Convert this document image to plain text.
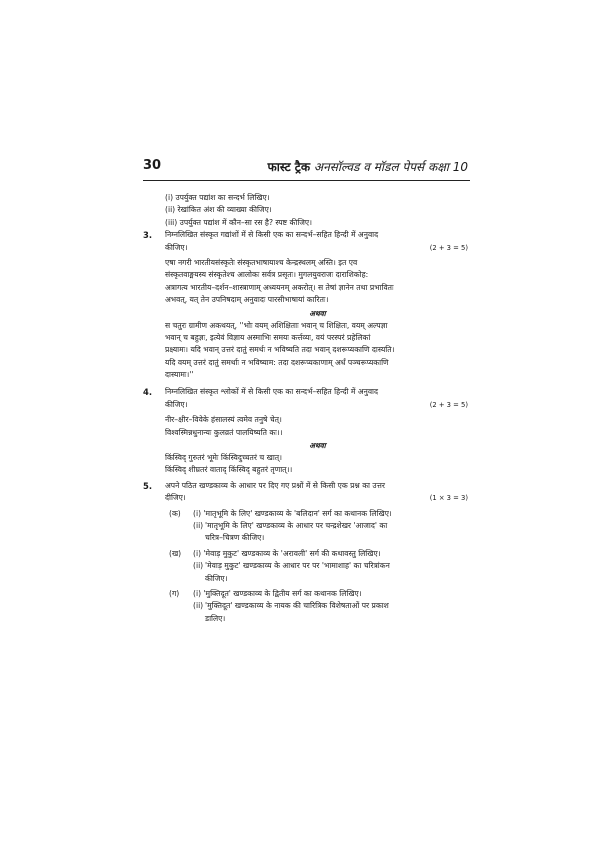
30	फास्ट ट्रैक अनसॉल्वड व मॉडल पेपर्स कक्षा 10
(i) उपर्युक्त पद्यांश का सन्दर्भ लिखिए।
(ii) रेखांकित अंश की व्याख्या कीजिए।
(iii) उपर्युक्त पद्यांश में कौन–सा रस है? स्पष्ट कीजिए।
3. निम्नलिखित संस्कृत गद्यांशों में से किसी एक का सन्दर्भ–सहित हिन्दी में अनुवाद
कीजिए।	(2 + 3 = 5)
एषा नगरी भारतीयसंस्कृतेः संस्कृतभाषायाश्च केन्द्रस्थलम् अस्ति। इत एव
संस्कृतवाङ्मयस्य संस्कृतेश्च आलोकः सर्वत्र प्रसृतः। मुगलयुवराजः दाराशिकोह:
अत्रागत्य भारतीय–दर्शन–शास्त्राणाम् अध्ययनम् अकरोत्। स तेषां ज्ञानेन तथा प्रभावितः
अभवत्, यत् तेन उपनिषदाम् अनुवादः पारसीभाषायां कारितः।
अथवा
स चतुरः ग्रामीण अकथयत्, ''भोः वयम् अशिक्षिताः भवान् च शिक्षितः, वयम् अल्पज्ञा
भवान् च बहुज्ञः, इत्येवं विज्ञाय अस्माभिः समयः कर्त्तव्यः, वयं परस्परं प्रहेलिकां
प्रक्ष्यामः। यदि भवान् उत्तरं दातुं समर्थः न भविष्यति तदा भवान् दशरूप्यकाणि दास्यति।
यदि वयम् उत्तरं दातुं समर्थाः न भविष्याम: तदा दशरूप्यकाणाम् अर्धं पञ्चरूप्यकाणि
दास्यामः।''
4. निम्नलिखित संस्कृत श्लोकों में से किसी एक का सन्दर्भ–सहित हिन्दी में अनुवाद
कीजिए।	(2 + 3 = 5)
नीर–क्षीर–विवेके हंसालस्यं त्वमेव तनुषे चेत्।
विश्वस्मिन्नधुनान्यः कुलव्रतं पालयिष्यति कः।।
अथवा
किंस्विद् गुरुतरं भूमेः किंस्विदुच्चतरं च खात्।
किंस्विद् शीघ्रतरं वाताद् किंस्विद् बहुतरं तृणात्।।
5. अपने पठित खण्डकाव्य के आधार पर दिए गए प्रश्नों में से किसी एक प्रश्न का उत्तर
दीजिए।	(1 × 3 = 3)
(क) (i) 'मातृभूमि के लिए' खण्डकाव्य के 'बलिदान' सर्ग का कथानक लिखिए।
(ii) 'मातृभूमि के लिए' खण्डकाव्य के आधार पर चन्द्रशेखर 'आजाद' का
चरित्र–चित्रण कीजिए।
(ख) (i) 'मेवाड़ मुकुट' खण्डकाव्य के 'अरावली' सर्ग की कथावस्तु लिखिए।
(ii) 'मेवाड़ मुकुट' खण्डकाव्य के आधार पर पर 'भामाशाह' का चरित्रांकन
कीजिए।
(ग) (i) 'मुक्तिदूत' खण्डकाव्य के द्वितीय सर्ग का कथानक लिखिए।
(ii) 'मुक्तिदूत' खण्डकाव्य के नायक की चारित्रिक विशेषताओं पर प्रकाश
डालिए।
